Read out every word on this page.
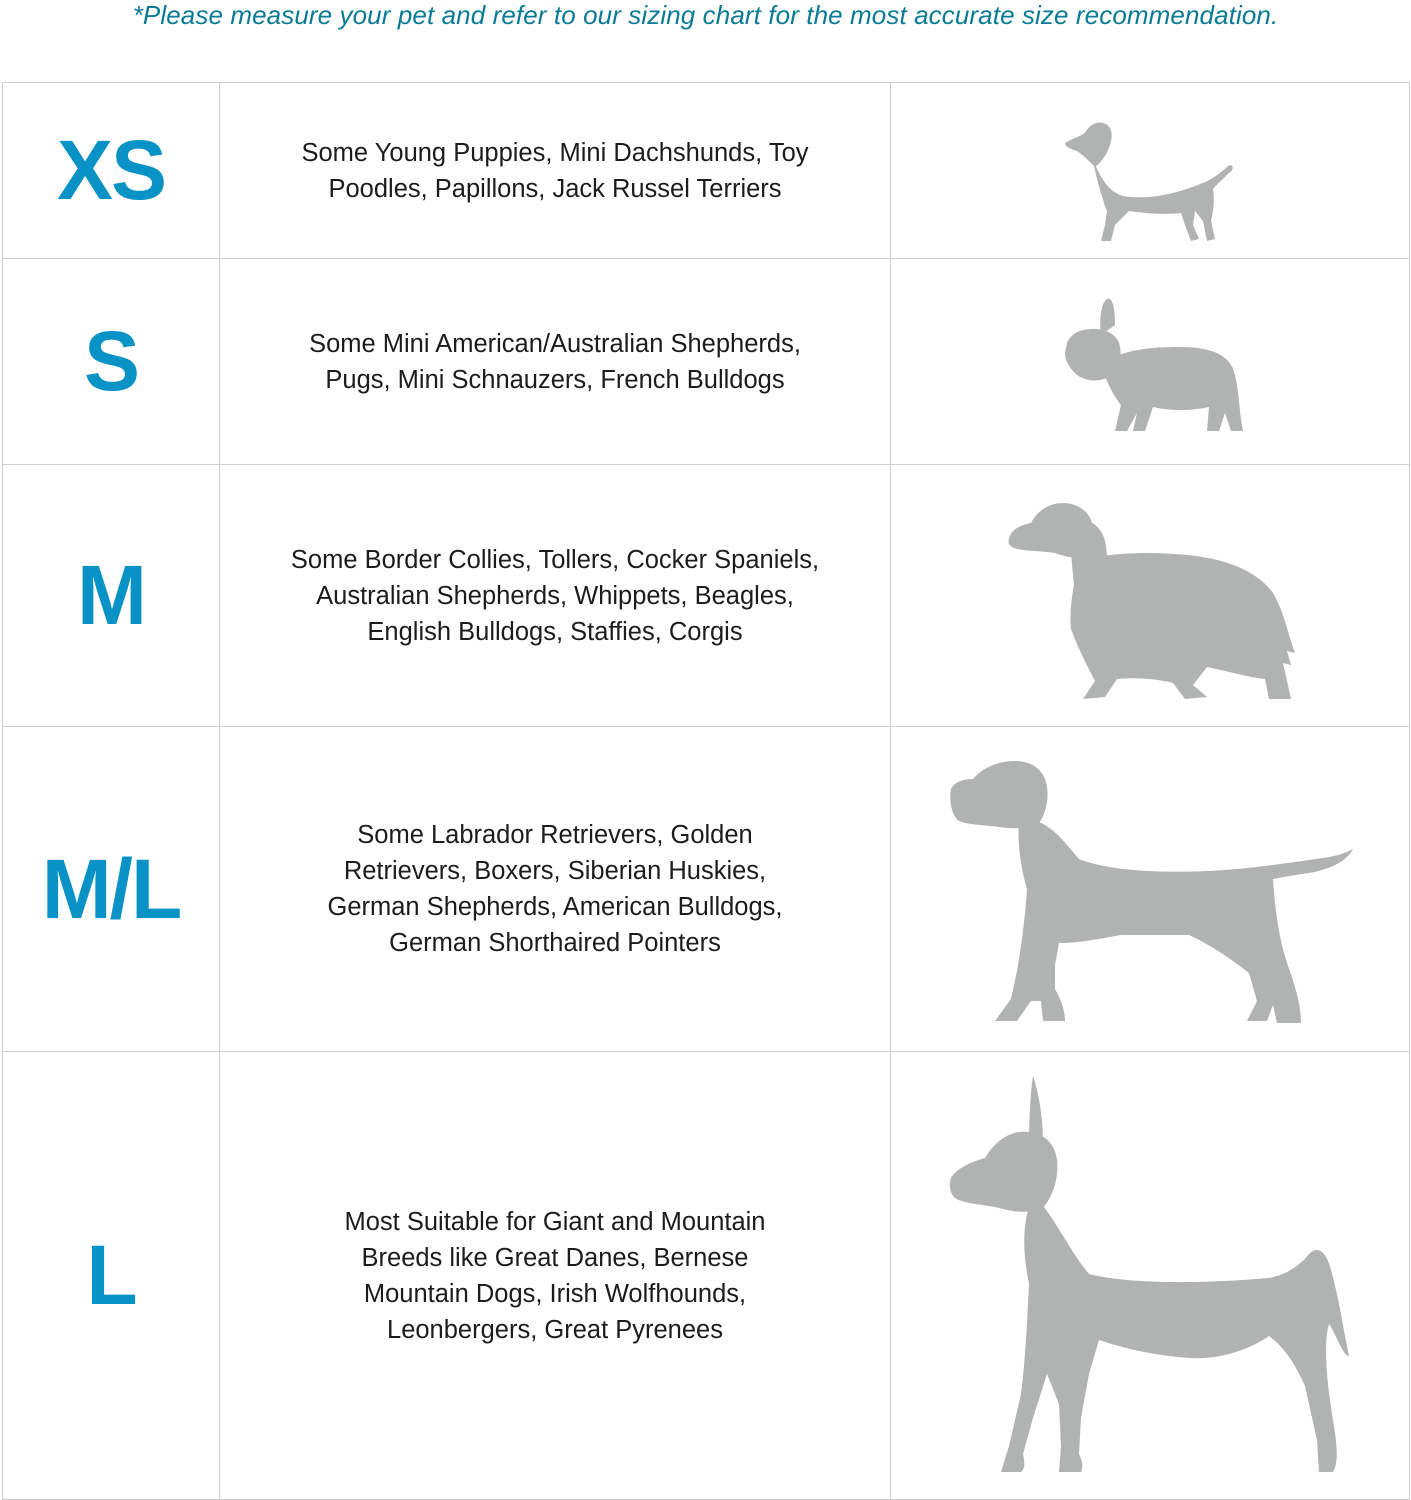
*Please measure your pet and refer to our sizing chart for the most accurate size recommendation.
XS	Some Young Puppies, Mini Dachshunds, Toy
Poodles, Papillons, Jack Russel Terriers

S	Some Mini American/Australian Shepherds,
Pugs, Mini Schnauzers, French Bulldogs

M	Some Border Collies, Tollers, Cocker Spaniels,
Australian Shepherds, Whippets, Beagles,
English Bulldogs, Staffies, Corgis

M/L	Some Labrador Retrievers, Golden
Retrievers, Boxers, Siberian Huskies,
German Shepherds, American Bulldogs,
German Shorthaired Pointers

L	Most Suitable for Giant and Mountain
Breeds like Great Danes, Bernese
Mountain Dogs, Irish Wolfhounds,
Leonbergers, Great Pyrenees
